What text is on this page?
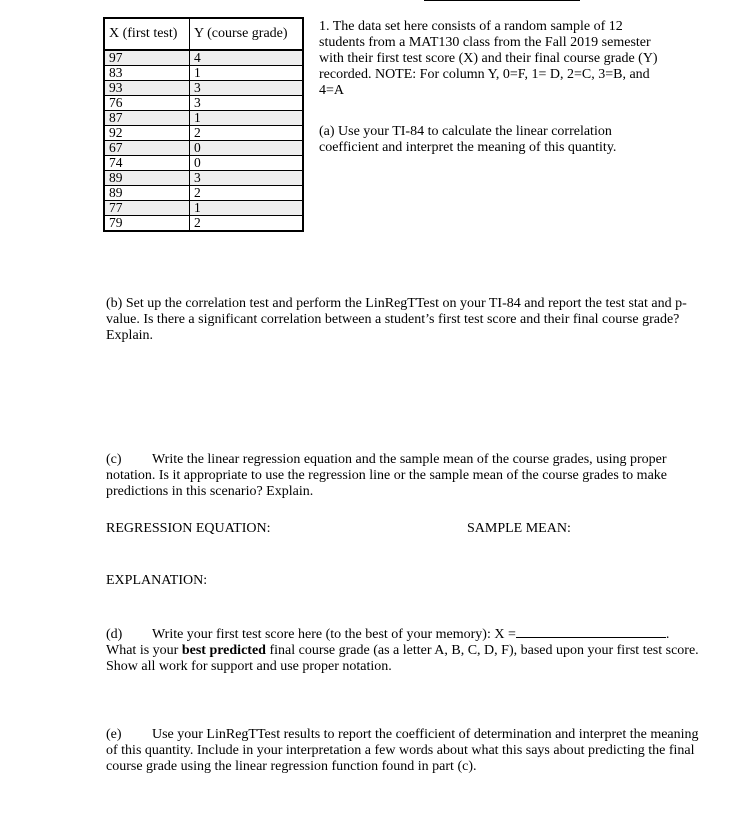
X (first test)	Y (course grade)
97	4
83	1
93	3
76	3
87	1
92	2
67	0
74	0
89	3
89	2
77	1
79	2

1. The data set here consists of a random sample of 12 students from a MAT130 class from the Fall 2019 semester with their first test score (X) and their final course grade (Y) recorded. NOTE: For column Y, 0=F, 1= D, 2=C, 3=B, and 4=A

(a) Use your TI-84 to calculate the linear correlation coefficient and interpret the meaning of this quantity.

(b) Set up the correlation test and perform the LinRegTTest on your TI-84 and report the test stat and p-value. Is there a significant correlation between a student’s first test score and their final course grade? Explain.

(c) Write the linear regression equation and the sample mean of the course grades, using proper notation. Is it appropriate to use the regression line or the sample mean of the course grades to make predictions in this scenario? Explain.

REGRESSION EQUATION:	SAMPLE MEAN:
EXPLANATION:

(d) Write your first test score here (to the best of your memory): X =	.
What is your best predicted final course grade (as a letter A, B, C, D, F), based upon your first test score. Show all work for support and use proper notation.

(e) Use your LinRegTTest results to report the coefficient of determination and interpret the meaning of this quantity. Include in your interpretation a few words about what this says about predicting the final course grade using the linear regression function found in part (c).
